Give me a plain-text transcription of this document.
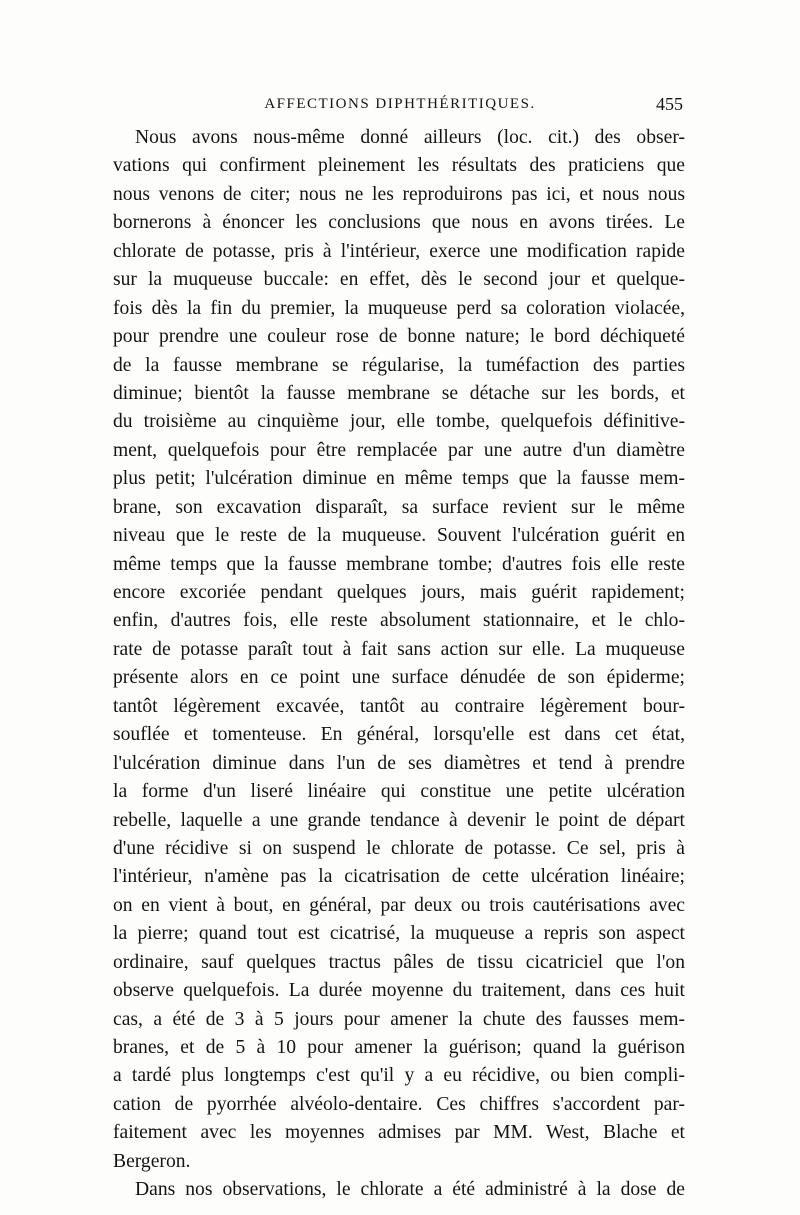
AFFECTIONS DIPHTHÉRITIQUES.	455
Nous avons nous-même donné ailleurs (loc. cit.) des obser-
vations qui confirment pleinement les résultats des praticiens que
nous venons de citer; nous ne les reproduirons pas ici, et nous nous
bornerons à énoncer les conclusions que nous en avons tirées. Le
chlorate de potasse, pris à l'intérieur, exerce une modification rapide
sur la muqueuse buccale: en effet, dès le second jour et quelque-
fois dès la fin du premier, la muqueuse perd sa coloration violacée,
pour prendre une couleur rose de bonne nature; le bord déchiqueté
de la fausse membrane se régularise, la tuméfaction des parties
diminue; bientôt la fausse membrane se détache sur les bords, et
du troisième au cinquième jour, elle tombe, quelquefois définitive-
ment, quelquefois pour être remplacée par une autre d'un diamètre
plus petit; l'ulcération diminue en même temps que la fausse mem-
brane, son excavation disparaît, sa surface revient sur le même
niveau que le reste de la muqueuse. Souvent l'ulcération guérit en
même temps que la fausse membrane tombe; d'autres fois elle reste
encore excoriée pendant quelques jours, mais guérit rapidement;
enfin, d'autres fois, elle reste absolument stationnaire, et le chlo-
rate de potasse paraît tout à fait sans action sur elle. La muqueuse
présente alors en ce point une surface dénudée de son épiderme;
tantôt légèrement excavée, tantôt au contraire légèrement bour-
souflée et tomenteuse. En général, lorsqu'elle est dans cet état,
l'ulcération diminue dans l'un de ses diamètres et tend à prendre
la forme d'un liseré linéaire qui constitue une petite ulcération
rebelle, laquelle a une grande tendance à devenir le point de départ
d'une récidive si on suspend le chlorate de potasse. Ce sel, pris à
l'intérieur, n'amène pas la cicatrisation de cette ulcération linéaire;
on en vient à bout, en général, par deux ou trois cautérisations avec
la pierre; quand tout est cicatrisé, la muqueuse a repris son aspect
ordinaire, sauf quelques tractus pâles de tissu cicatriciel que l'on
observe quelquefois. La durée moyenne du traitement, dans ces huit
cas, a été de 3 à 5 jours pour amener la chute des fausses mem-
branes, et de 5 à 10 pour amener la guérison; quand la guérison
a tardé plus longtemps c'est qu'il y a eu récidive, ou bien compli-
cation de pyorrhée alvéolo-dentaire. Ces chiffres s'accordent par-
faitement avec les moyennes admises par MM. West, Blache et
Bergeron.
Dans nos observations, le chlorate a été administré à la dose de
